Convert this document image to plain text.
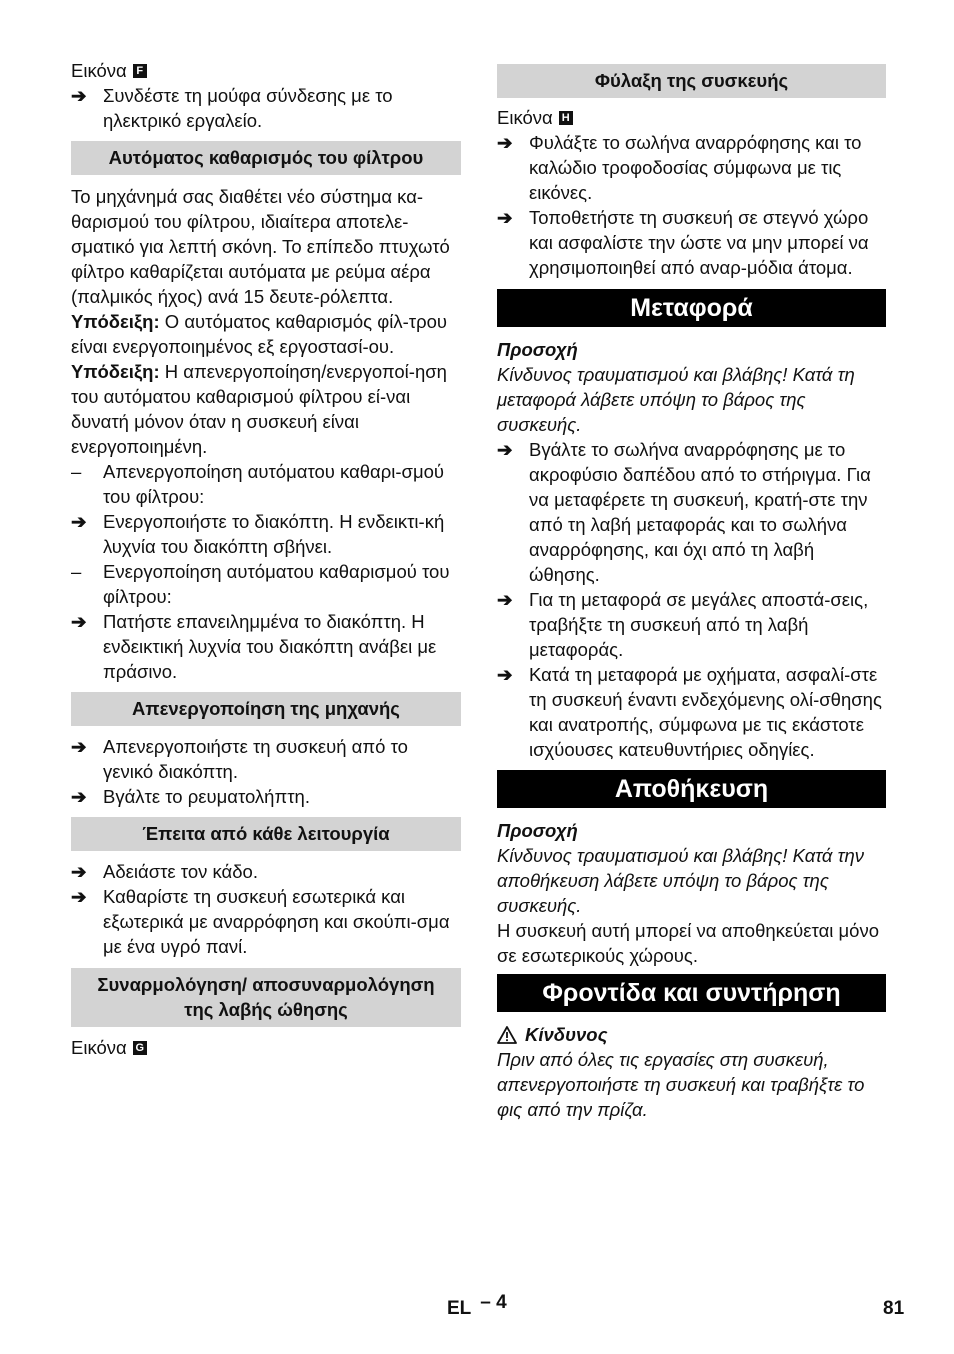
Εικόνα F
➔ Συνδέστε τη μούφα σύνδεσης με το ηλεκτρικό εργαλείο.

Αυτόματος καθαρισμός του φίλτρου

Το μηχάνημά σας διαθέτει νέο σύστημα κα-θαρισμού του φίλτρου, ιδιαίτερα αποτελε-σματικό για λεπτή σκόνη. Το επίπεδο πτυχωτό φίλτρο καθαρίζεται αυτόματα με ρεύμα αέρα (παλμικός ήχος) ανά 15 δευτε-ρόλεπτα.

Υπόδειξη: Ο αυτόματος καθαρισμός φίλ-τρου είναι ενεργοποιημένος εξ εργοστασί-ου.

Υπόδειξη: Η απενεργοποίηση/ενεργοποί-ηση του αυτόματου καθαρισμού φίλτρου εί-ναι δυνατή μόνον όταν η συσκευή είναι ενεργοποιημένη.

–	Απενεργοποίηση αυτόματου καθαρι-σμού του φίλτρου:

➔ Ενεργοποιήστε το διακόπτη. Η ενδεικτι-κή λυχνία του διακόπτη σβήνει.

–	Ενεργοποίηση αυτόματου καθαρισμού του φίλτρου:

➔ Πατήστε επανειλημμένα το διακόπτη. Η ενδεικτική λυχνία του διακόπτη ανάβει με πράσινο.

Απενεργοποίηση της μηχανής
➔ Απενεργοποιήστε τη συσκευή από το γενικό διακόπτη.

➔ Βγάλτε το ρευματολήπτη.

Έπειτα από κάθε λειτουργία
➔ Αδειάστε τον κάδο.

➔ Καθαρίστε τη συσκευή εσωτερικά και εξωτερικά με αναρρόφηση και σκούπι-σμα με ένα υγρό πανί.

Συναρμολόγηση/ αποσυναρμολόγηση της λαβής ώθησης
Εικόνα G
Φύλαξη της συσκευής
Εικόνα H
➔ Φυλάξτε το σωλήνα αναρρόφησης και το καλώδιο τροφοδοσίας σύμφωνα με τις εικόνες.

➔ Τοποθετήστε τη συσκευή σε στεγνό χώρο και ασφαλίστε την ώστε να μην μπορεί να χρησιμοποιηθεί από αναρ-μόδια άτομα.

Μεταφορά

Προσοχή

Κίνδυνος τραυματισμού και βλάβης! Κατά τη μεταφορά λάβετε υπόψη το βάρος της συσκευής.

➔ Βγάλτε το σωλήνα αναρρόφησης με το ακροφύσιο δαπέδου από το στήριγμα. Για να μεταφέρετε τη συσκευή, κρατή-στε την από τη λαβή μεταφοράς και το σωλήνα αναρρόφησης, και όχι από τη λαβή ώθησης.

➔ Για τη μεταφορά σε μεγάλες αποστά-σεις, τραβήξτε τη συσκευή από τη λαβή μεταφοράς.

➔ Κατά τη μεταφορά με οχήματα, ασφαλί-στε τη συσκευή έναντι ενδεχόμενης ολί-σθησης και ανατροπής, σύμφωνα με τις εκάστοτε ισχύουσες κατευθυντήριες οδηγίες.

Αποθήκευση

Προσοχή

Κίνδυνος τραυματισμού και βλάβης! Κατά την αποθήκευση λάβετε υπόψη το βάρος της συσκευής.

Η συσκευή αυτή μπορεί να αποθηκεύεται μόνο σε εσωτερικούς χώρους.

Φροντίδα και συντήρηση

Κίνδυνος

Πριν από όλες τις εργασίες στη συσκευή, απενεργοποιήστε τη συσκευή και τραβήξτε το φις από την πρίζα.

EL – 4	81
